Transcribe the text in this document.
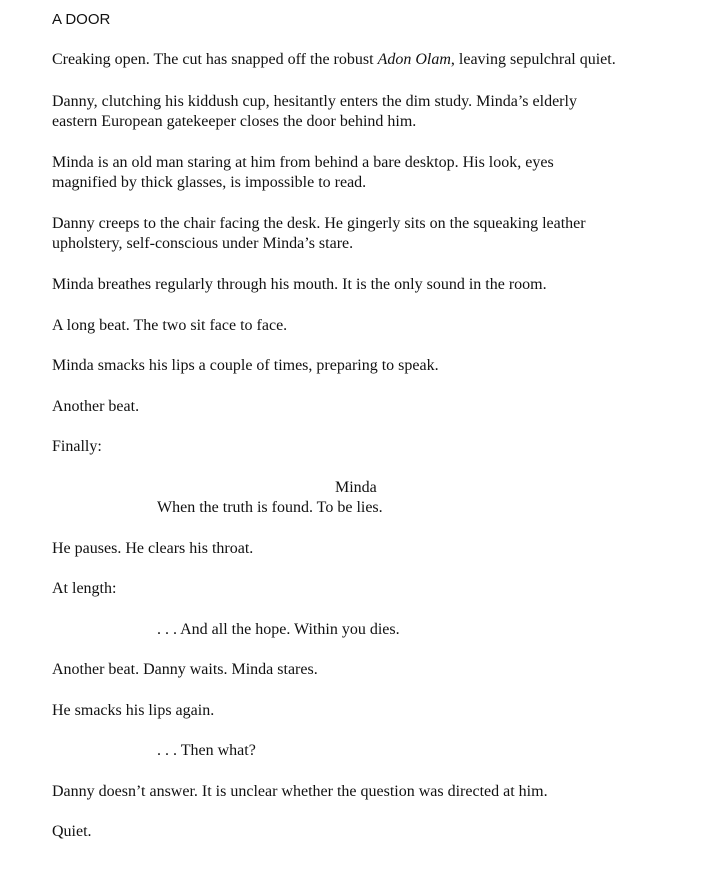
A DOOR

Creaking open. The cut has snapped off the robust Adon Olam, leaving sepulchral quiet.

Danny, clutching his kiddush cup, hesitantly enters the dim study. Minda’s elderly

eastern European gatekeeper closes the door behind him.

Minda is an old man staring at him from behind a bare desktop. His look, eyes

magnified by thick glasses, is impossible to read.

Danny creeps to the chair facing the desk. He gingerly sits on the squeaking leather

upholstery, self-conscious under Minda’s stare.

Minda breathes regularly through his mouth. It is the only sound in the room.

A long beat. The two sit face to face.

Minda smacks his lips a couple of times, preparing to speak.

Another beat.

Finally:

Minda

When the truth is found. To be lies.

He pauses. He clears his throat.

At length:

. . . And all the hope. Within you dies.

Another beat. Danny waits. Minda stares.

He smacks his lips again.

. . . Then what?

Danny doesn’t answer. It is unclear whether the question was directed at him.

Quiet.
